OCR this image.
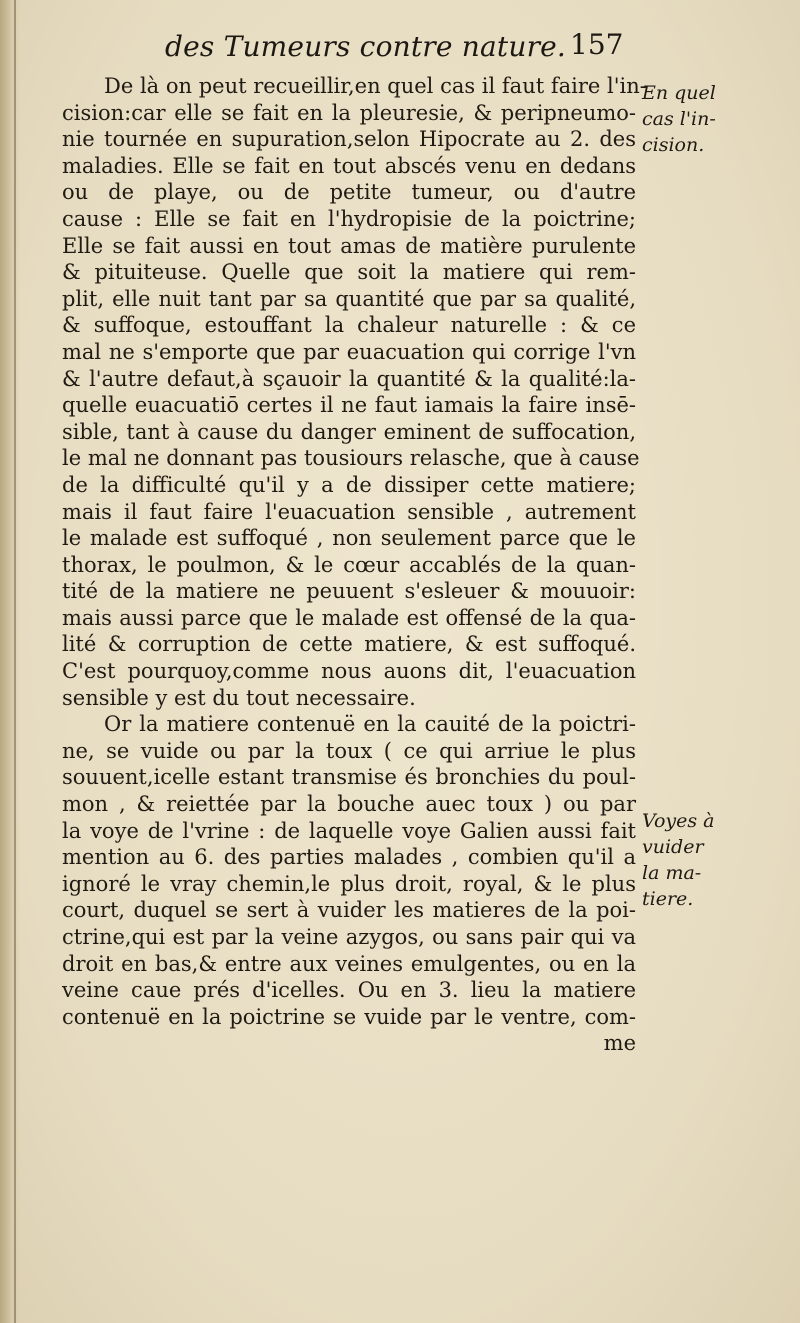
des Tumeurs contre nature. 157
De là on peut recueillir,en quel cas il faut faire l'in-
cision:car elle se fait en la pleuresie, & peripneumo-
nie tournée en supuration,selon Hipocrate au 2. des
maladies. Elle se fait en tout abscés venu en dedans
ou de playe, ou de petite tumeur, ou d'autre
cause : Elle se fait en l'hydropisie de la poictrine;
Elle se fait aussi en tout amas de matière purulente
& pituiteuse. Quelle que soit la matiere qui rem-
plit, elle nuit tant par sa quantité que par sa qualité,
& suffoque, estouffant la chaleur naturelle : & ce
mal ne s'emporte que par euacuation qui corrige l'vn
& l'autre defaut,à sçauoir la quantité & la qualité:la-
quelle euacuatiō certes il ne faut iamais la faire insē-
sible, tant à cause du danger eminent de suffocation,
le mal ne donnant pas tousiours relasche, que à cause
de la difficulté qu'il y a de dissiper cette matiere;
mais il faut faire l'euacuation sensible , autrement
le malade est suffoqué , non seulement parce que le
thorax, le poulmon, & le cœur accablés de la quan-
tité de la matiere ne peuuent s'esleuer & mouuoir:
mais aussi parce que le malade est offensé de la qua-
lité & corruption de cette matiere, & est suffoqué.
C'est pourquoy,comme nous auons dit, l'euacuation
sensible y est du tout necessaire.
Or la matiere contenuë en la cauité de la poictri-
ne, se vuide ou par la toux ( ce qui arriue le plus
souuent,icelle estant transmise és bronchies du poul-
mon , & reiettée par la bouche auec toux ) ou par
la voye de l'vrine : de laquelle voye Galien aussi fait
mention au 6. des parties malades , combien qu'il a
ignoré le vray chemin,le plus droit, royal, & le plus
court, duquel se sert à vuider les matieres de la poi-
ctrine,qui est par la veine azygos, ou sans pair qui va
droit en bas,& entre aux veines emulgentes, ou en la
veine caue prés d'icelles. Ou en 3. lieu la matiere
contenuë en la poictrine se vuide par le ventre, com-
me
En quel
cas l'in-
cision.
Voyes à
vuider
la ma-
tiere.
